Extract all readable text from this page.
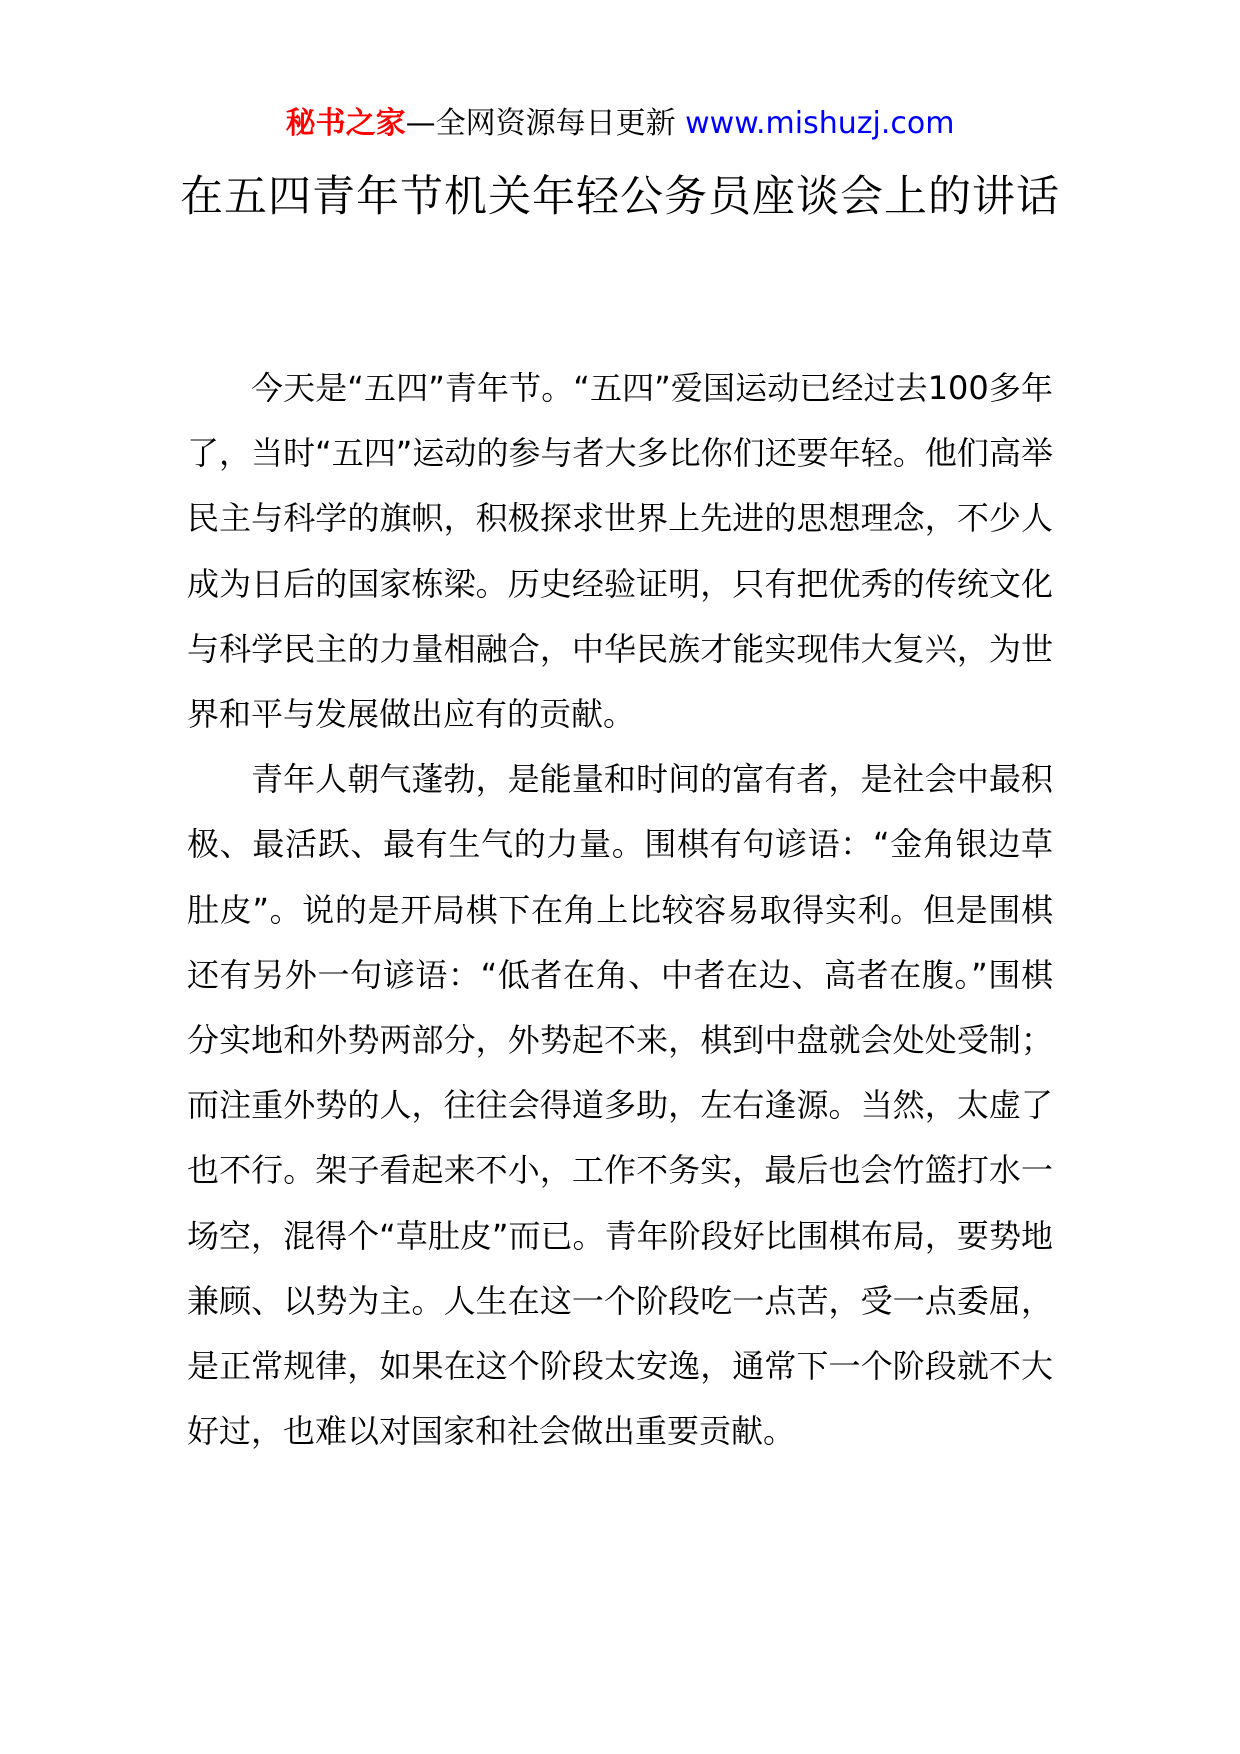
秘书之家—全网资源每日更新 www.mishuzj.com
在五四青年节机关年轻公务员座谈会上的讲话

今天是“五四”青年节。“五四”爱国运动已经过去100多年了，当时“五四”运动的参与者大多比你们还要年轻。他们高举民主与科学的旗帜，积极探求世界上先进的思想理念，不少人成为日后的国家栋梁。历史经验证明，只有把优秀的传统文化与科学民主的力量相融合，中华民族才能实现伟大复兴，为世界和平与发展做出应有的贡献。

青年人朝气蓬勃，是能量和时间的富有者，是社会中最积极、最活跃、最有生气的力量。围棋有句谚语：“金角银边草肚皮”。说的是开局棋下在角上比较容易取得实利。但是围棋还有另外一句谚语：“低者在角、中者在边、高者在腹。”围棋分实地和外势两部分，外势起不来，棋到中盘就会处处受制；而注重外势的人，往往会得道多助，左右逢源。当然，太虚了也不行。架子看起来不小，工作不务实，最后也会竹篮打水一场空，混得个“草肚皮”而已。青年阶段好比围棋布局，要势地兼顾、以势为主。人生在这一个阶段吃一点苦，受一点委屈，是正常规律，如果在这个阶段太安逸，通常下一个阶段就不大好过，也难以对国家和社会做出重要贡献。
